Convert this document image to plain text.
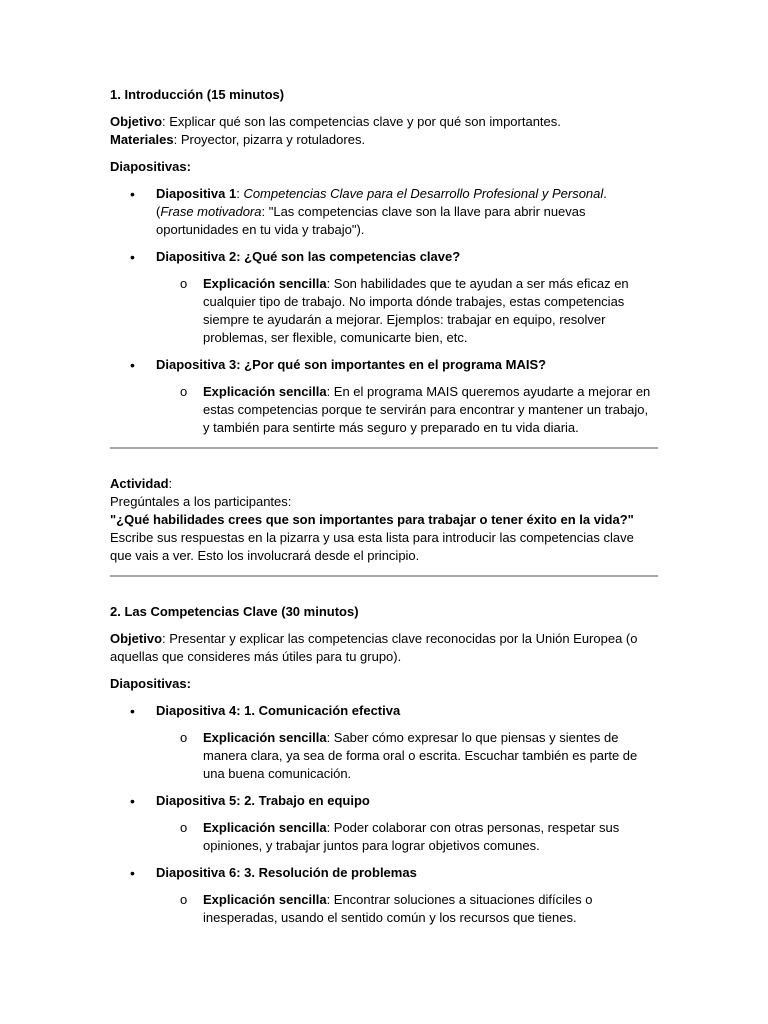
1. Introducción (15 minutos)

Objetivo: Explicar qué son las competencias clave y por qué son importantes.

Materiales: Proyector, pizarra y rotuladores.

Diapositivas:

• Diapositiva 1: Competencias Clave para el Desarrollo Profesional y Personal.
(Frase motivadora: "Las competencias clave son la llave para abrir nuevas oportunidades en tu vida y trabajo").
• Diapositiva 2: ¿Qué son las competencias clave?
o Explicación sencilla: Son habilidades que te ayudan a ser más eficaz en cualquier tipo de trabajo. No importa dónde trabajes, estas competencias siempre te ayudarán a mejorar. Ejemplos: trabajar en equipo, resolver problemas, ser flexible, comunicarte bien, etc.
• Diapositiva 3: ¿Por qué son importantes en el programa MAIS?
o Explicación sencilla: En el programa MAIS queremos ayudarte a mejorar en estas competencias porque te servirán para encontrar y mantener un trabajo, y también para sentirte más seguro y preparado en tu vida diaria.

Actividad:

Pregúntales a los participantes:

"¿Qué habilidades crees que son importantes para trabajar o tener éxito en la vida?"

Escribe sus respuestas en la pizarra y usa esta lista para introducir las competencias clave que vais a ver. Esto los involucrará desde el principio.

2. Las Competencias Clave (30 minutos)

Objetivo: Presentar y explicar las competencias clave reconocidas por la Unión Europea (o aquellas que consideres más útiles para tu grupo).

Diapositivas:

• Diapositiva 4: 1. Comunicación efectiva
o Explicación sencilla: Saber cómo expresar lo que piensas y sientes de manera clara, ya sea de forma oral o escrita. Escuchar también es parte de una buena comunicación.
• Diapositiva 5: 2. Trabajo en equipo
o Explicación sencilla: Poder colaborar con otras personas, respetar sus opiniones, y trabajar juntos para lograr objetivos comunes.
• Diapositiva 6: 3. Resolución de problemas
o Explicación sencilla: Encontrar soluciones a situaciones difíciles o inesperadas, usando el sentido común y los recursos que tienes.
